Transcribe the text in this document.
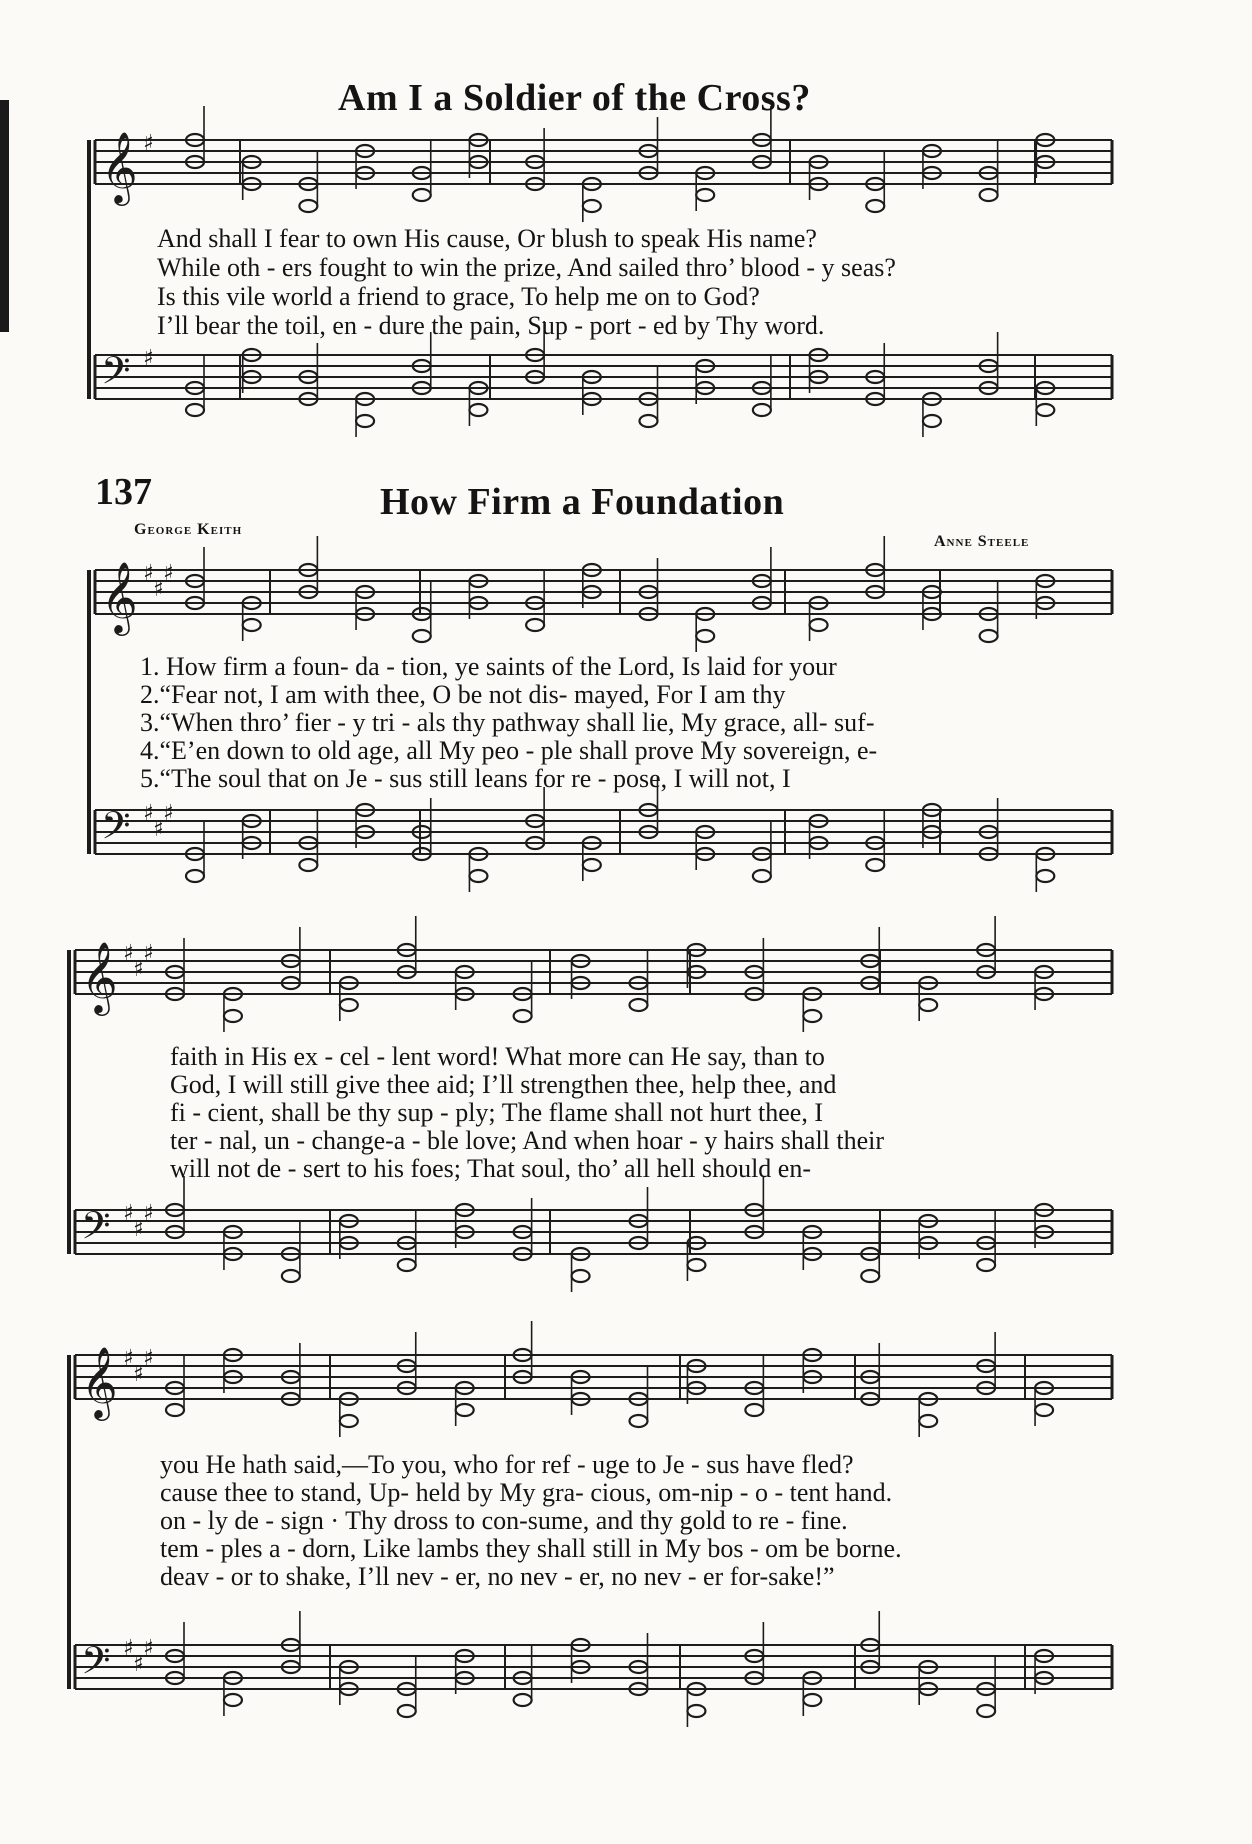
𝄞 ♯
𝄢 ♯
𝄞 ♯
♯
♯
𝄢 ♯
♯
♯
𝄞 ♯
♯
♯
𝄢 ♯
♯
♯
𝄞 ♯
♯
♯
𝄢 ♯
♯
♯
Am I a Soldier of the Cross?
And shall I fear to own His cause, Or blush to speak His name?
While oth - ers fought to win the prize, And sailed thro’ blood - y seas?
Is this vile world a friend to grace, To help me on to God?
I’ll bear the toil, en - dure the pain, Sup - port - ed by Thy word.
137	How Firm a Foundation
George Keith
Anne Steele
1. How firm a foun- da - tion, ye saints of the Lord, Is laid for your
2.“Fear not, I am with thee, O be not dis- mayed, For I am thy
3.“When thro’ fier - y tri - als thy pathway shall lie, My grace, all- suf-
4.“E’en down to old age, all My peo - ple shall prove My sovereign, e-
5.“The soul that on Je - sus still leans for re - pose, I will not, I
faith in His ex - cel - lent word! What more can He say, than to
God, I will still give thee aid; I’ll strengthen thee, help thee, and
fi - cient, shall be thy sup - ply; The flame shall not hurt thee, I
ter - nal, un - change-a - ble love; And when hoar - y hairs shall their
will not de - sert to his foes; That soul, tho’ all hell should en-
you He hath said,—To you, who for ref - uge to Je - sus have fled?
cause thee to stand, Up- held by My gra- cious, om-nip - o - tent hand.
on - ly de - sign · Thy dross to con-sume, and thy gold to re - fine.
tem - ples a - dorn, Like lambs they shall still in My bos - om be borne.
deav - or to shake, I’ll nev - er, no nev - er, no nev - er for-sake!”
